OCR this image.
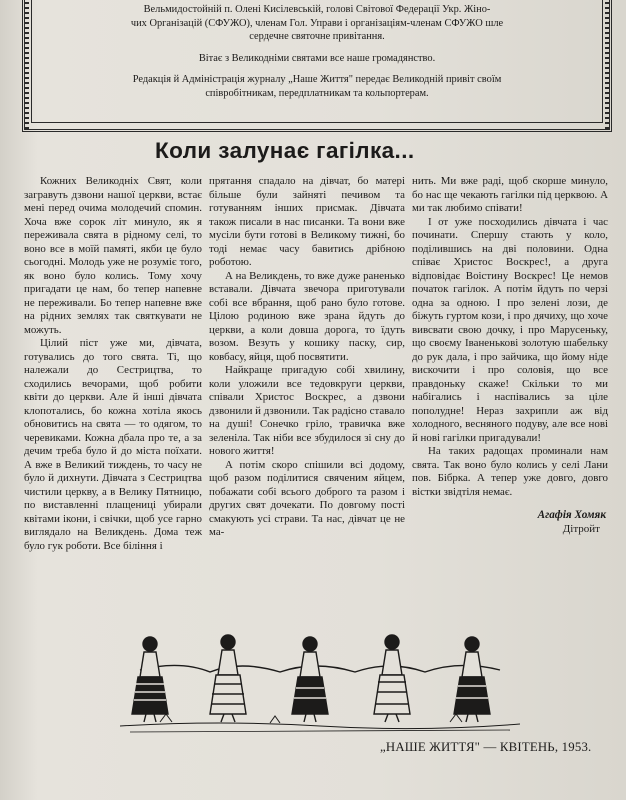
Вельмидостойній п. Олені Кисілевській, голові Світової Федерації Укр. Жіно-

чих Організацій (СФУЖО), членам Гол. Управи і організаціям-членам СФУЖО шле

сердечне святочне привітання.

Вітає з Великодніми святами все наше громадянство.

Редакція й Адміністрація журналу „Наше Життя" передає Великодній привіт своїм

співробітникам, передплатникам та кольпортерам.

Коли залунає гагілка...

Кожних Великодніх Свят, коли загравуть дзвони нашої церкви, встає мені перед очима молодечий спомин. Хоча вже сорок літ минуло, як я переживала свята в рідному селі, то воно все в моїй памяті, якби це було сьогодні. Молодь уже не розуміє того, як воно було колись. Тому хочу пригадати це нам, бо тепер напевне не переживали. Бо тепер напевне вже на рідних землях так святкувати не можуть.

Цілий піст уже ми, дівчата, готувались до того свята. Ті, що належали до Сестрицтва, то сходились вечорами, щоб робити квіти до церкви. Але й інші дівчата клопотались, бо кожна хотіла якось обновитись на свята — то одягом, то черевиками. Кожна дбала про те, а за дечим треба було й до міста поїхати. А вже в Великий тиждень, то часу не було й дихнути. Дівчата з Сестрицтва чистили церкву, а в Велику Пятницю, по виставленні плащениці убирали квітами ікони, і свічки, щоб усе гарно виглядало на Великдень. Дома теж було гук роботи. Все біління і

прятання спадало на дівчат, бо матері більше були зайняті печивом та готуванням інших присмак. Дівчата також писали в нас писанки. Та вони вже мусіли бути готові в Великому тижні, бо тоді немає часу бавитись дрібною роботою.

А на Великдень, то вже дуже раненько вставали. Дівчата звечора приготували собі все вбрання, щоб рано було готове. Цілою родиною вже зрана йдуть до церкви, а коли довша дорога, то їдуть возом. Везуть у кошику паску, сир, ковбасу, яйця, щоб посвятити.

Найкраще пригадую собі хвилину, коли уложили все тедовкруги церкви, співали Христос Воскрес, а дзвони дзвонили й дзвонили. Так радісно ставало на душі! Сонечко гріло, травичка вже зеленіла. Так ніби все збудилося зі сну до нового життя!

А потім скоро спішили всі додому, щоб разом поділитися свяченим яйцем, побажати собі всього доброго та разом і других свят дочекати. По довгому пості смакують усі страви. Та нас, дівчат це не ма-

нить. Ми вже раді, щоб скорше минуло, бо нас ще чекають гагілки під церквою. А ми так любимо співати!

І от уже посходились дівчата і час починати. Спершу стають у коло, поділившись на дві половини. Одна співає Христос Воскрес!, а друга відповідає Воістину Воскрес! Це немов початок гагілок. А потім йдуть по черзі одна за одною. І про зелені лози, де біжуть гуртом кози, і про дячиху, що хоче вивсвати свою дочку, і про Марусеньку, що своєму Іваненькові золотую шабельку до рук дала, і про зайчика, що йому ніде вискочити і про соловія, що все правдоньку скаже! Скільки то ми набігались і наспівались за ціле пополудне! Нераз захрипли аж від холодного, весняного подуву, але все нові й нові гагілки пригадували!

На таких радощах проминали нам свята. Так воно було колись у селі Лани пов. Бібрка. А тепер уже довго, довго вістки звідтіля немає.

Агафія Хомяк
Дітройт
„НАШЕ ЖИТТЯ" — КВІТЕНЬ, 1953.
